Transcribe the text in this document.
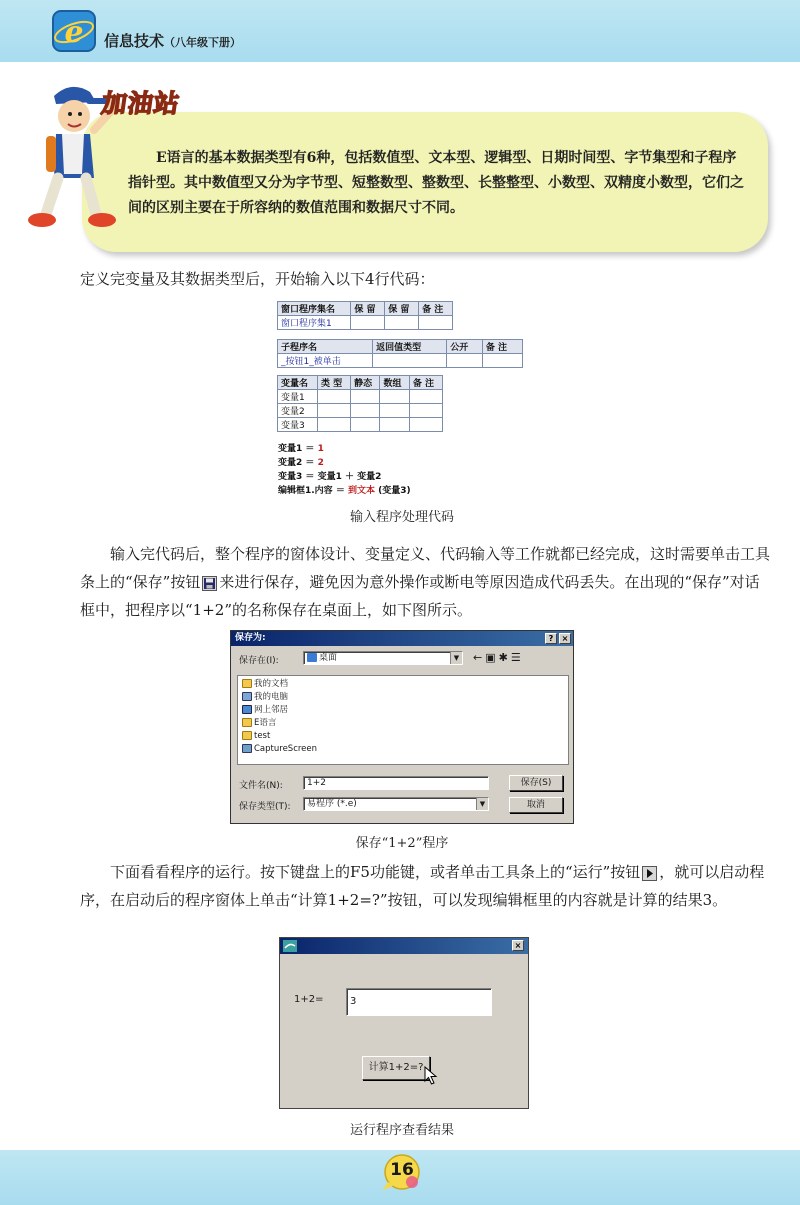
e 信息技术（八年级下册）
加油站
E语言的基本数据类型有6种，包括数值型、文本型、逻辑型、日期时间型、字节集型和子程序指针型。其中数值型又分为字节型、短整数型、整数型、长整整型、小数型、双精度小数型，它们之间的区别主要在于所容纳的数值范围和数据尺寸不同。
定义完变量及其数据类型后，开始输入以下4行代码：
窗口程序集名	保 留	保 留	备 注
窗口程序集1			
子程序名	返回值类型	公开	备 注
_按钮1_被单击			
变量名	类 型	静态	数组	备 注
变量1				
变量2				
变量3				
变量1 ＝ 1
变量2 ＝ 2
变量3 ＝ 变量1 ＋ 变量2
编辑框1.内容 ＝ 到文本 (变量3)
输入程序处理代码
输入完代码后，整个程序的窗体设计、变量定义、代码输入等工作就都已经完成，这时需要单击工具条上的“保存”按钮 来进行保存，避免因为意外操作或断电等原因造成代码丢失。在出现的“保存”对话框中，把程序以“1+2”的名称保存在桌面上，如下图所示。
保存为:	?	×
保存在(I):	桌面	▼ ←▣✱☰
我的文档
我的电脑
网上邻居
E语言
test
CaptureScreen
文件名(N):	1+2
保存类型(T):	易程序 (*.e)	▼
保存(S)
取消
保存“1+2”程序
下面看看程序的运行。按下键盘上的F5功能键，或者单击工具条上的“运行”按钮 ，就可以启动程序，在启动后的程序窗体上单击“计算1+2=?”按钮，可以发现编辑框里的内容就是计算的结果3。
×
1+2=	3
计算1+2=?
运行程序查看结果
16
